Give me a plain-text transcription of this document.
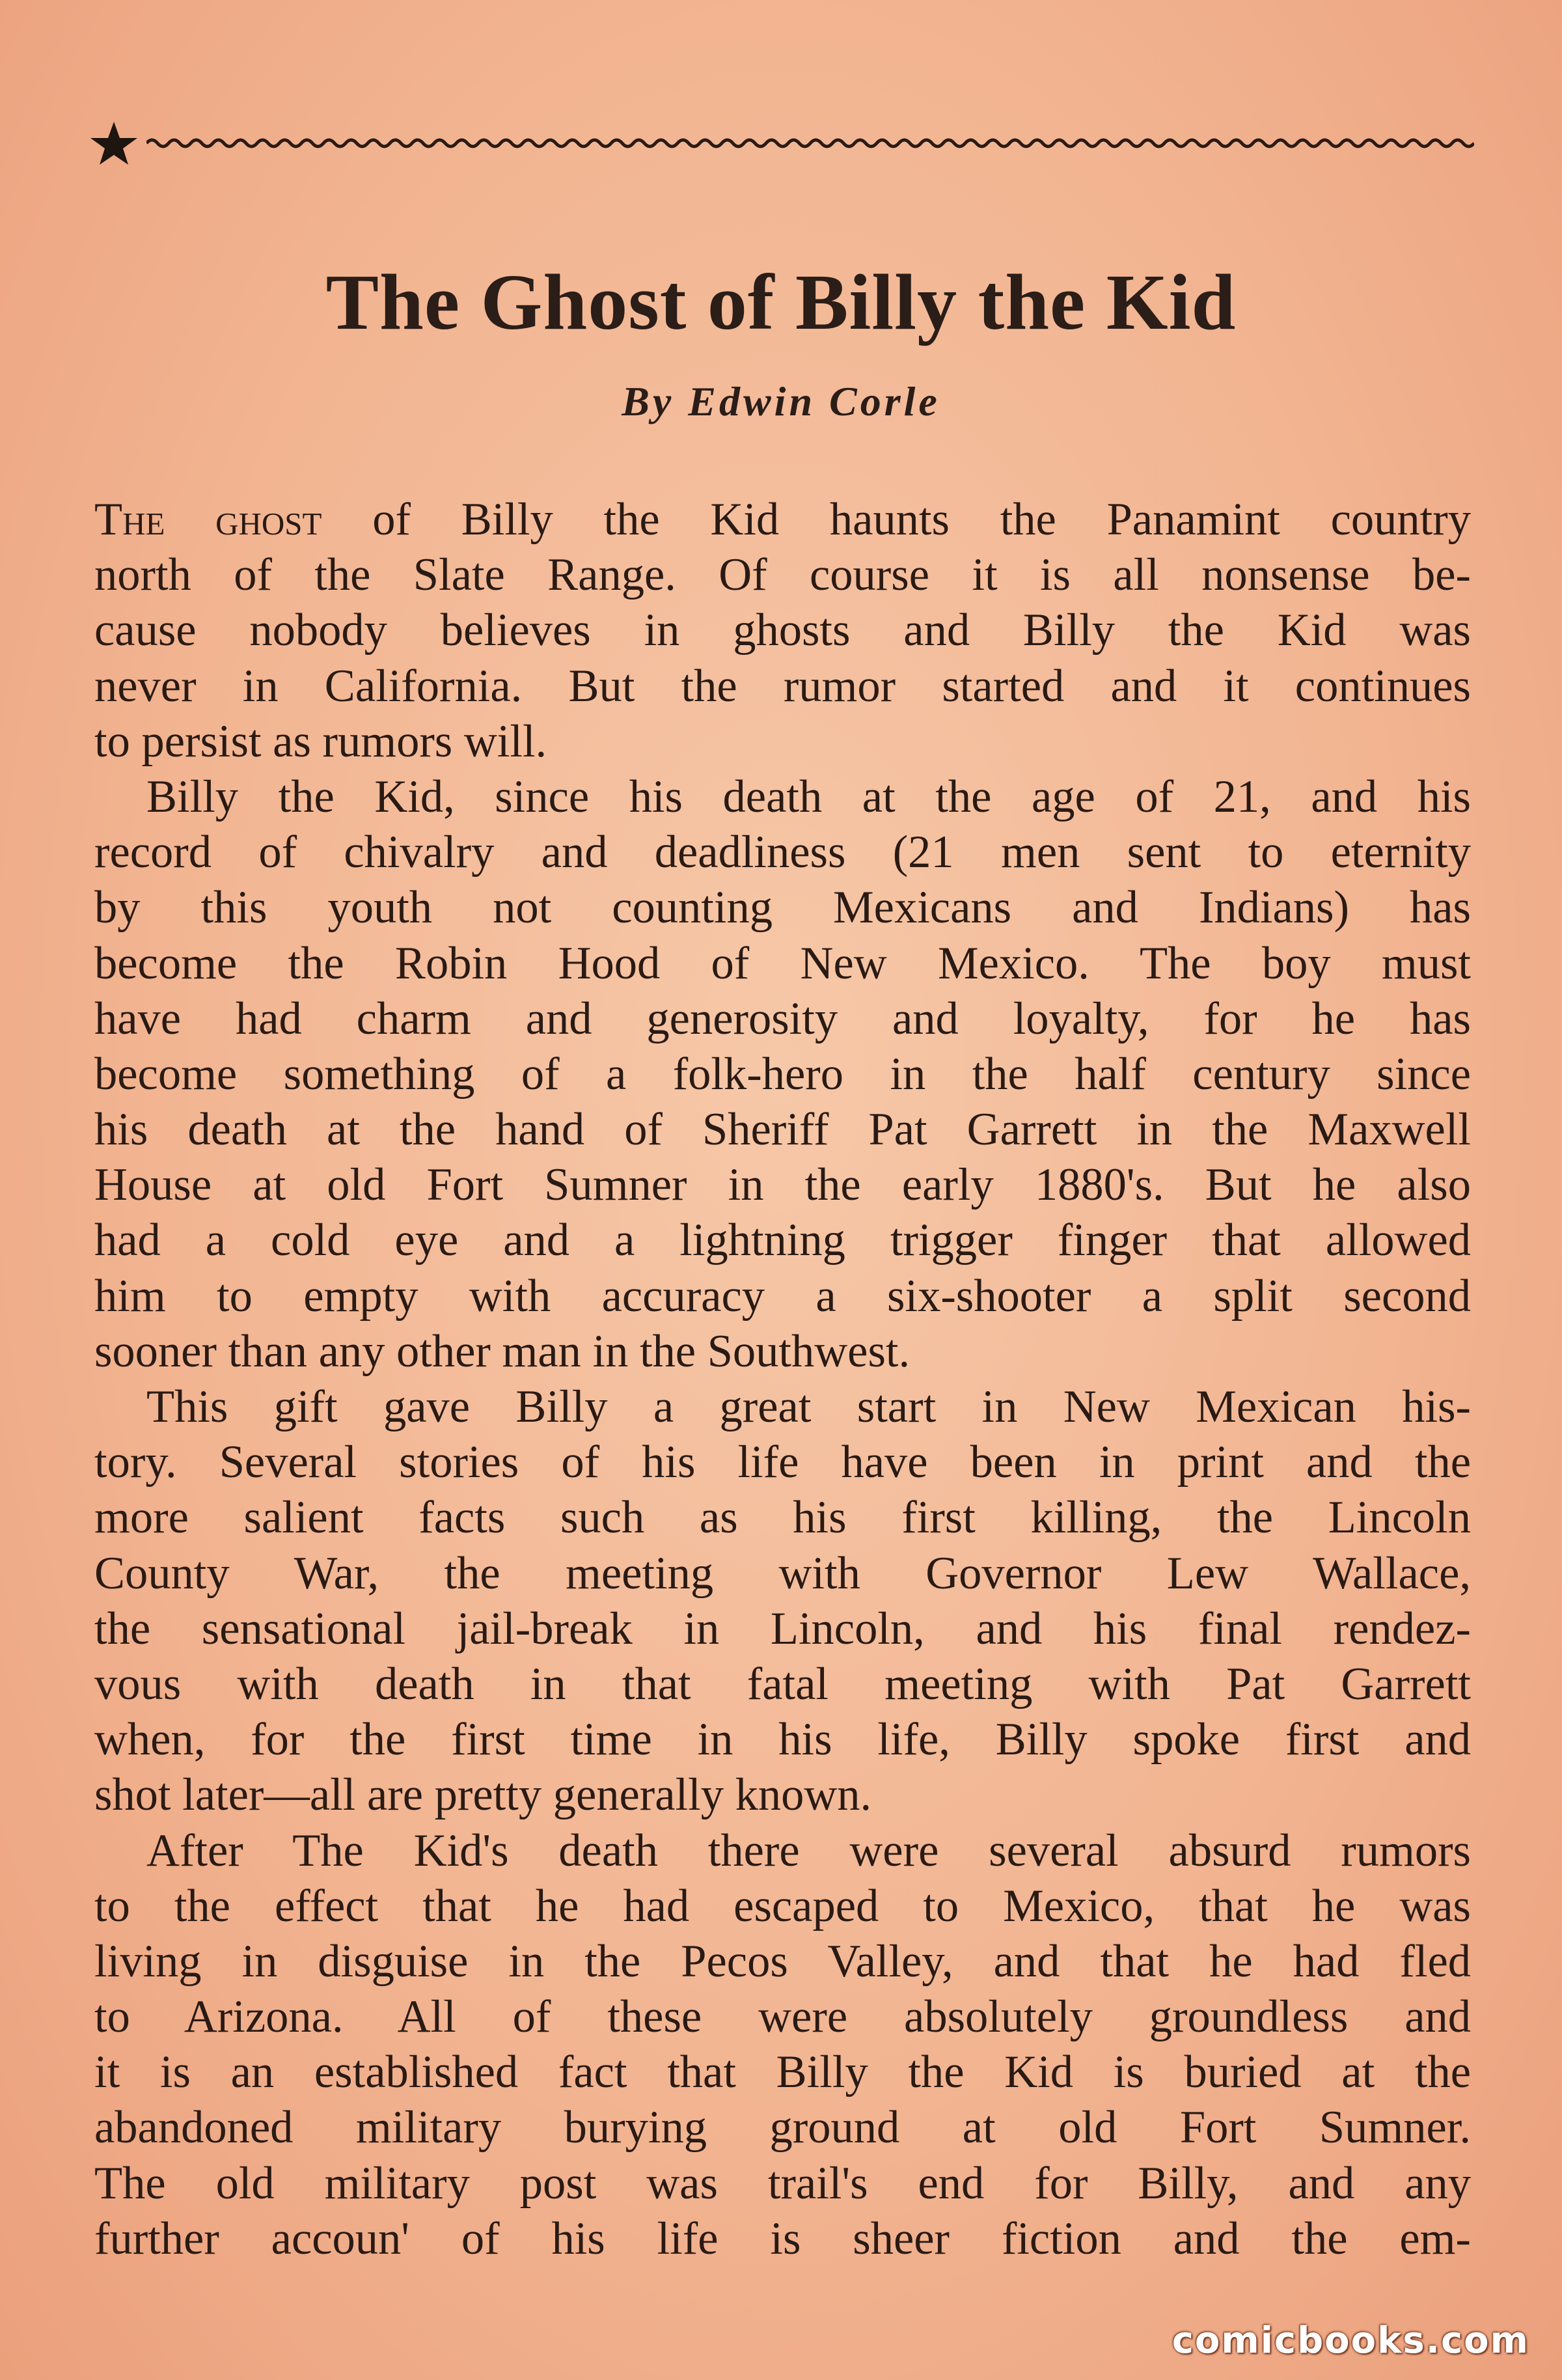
The Ghost of Billy the Kid
By Edwin Corle
The ghost of Billy the Kid haunts the Panamint country
north of the Slate Range. Of course it is all nonsense be-
cause nobody believes in ghosts and Billy the Kid was
never in California. But the rumor started and it continues
to persist as rumors will.
Billy the Kid, since his death at the age of 21, and his
record of chivalry and deadliness (21 men sent to eternity
by this youth not counting Mexicans and Indians) has
become the Robin Hood of New Mexico. The boy must
have had charm and generosity and loyalty, for he has
become something of a folk-hero in the half century since
his death at the hand of Sheriff Pat Garrett in the Maxwell
House at old Fort Sumner in the early 1880's. But he also
had a cold eye and a lightning trigger finger that allowed
him to empty with accuracy a six-shooter a split second
sooner than any other man in the Southwest.
This gift gave Billy a great start in New Mexican his-
tory. Several stories of his life have been in print and the
more salient facts such as his first killing, the Lincoln
County War, the meeting with Governor Lew Wallace,
the sensational jail-break in Lincoln, and his final rendez-
vous with death in that fatal meeting with Pat Garrett
when, for the first time in his life, Billy spoke first and
shot later—all are pretty generally known.
After The Kid's death there were several absurd rumors
to the effect that he had escaped to Mexico, that he was
living in disguise in the Pecos Valley, and that he had fled
to Arizona. All of these were absolutely groundless and
it is an established fact that Billy the Kid is buried at the
abandoned military burying ground at old Fort Sumner.
The old military post was trail's end for Billy, and any
further accoun' of his life is sheer fiction and the em-
comicbooks.com
